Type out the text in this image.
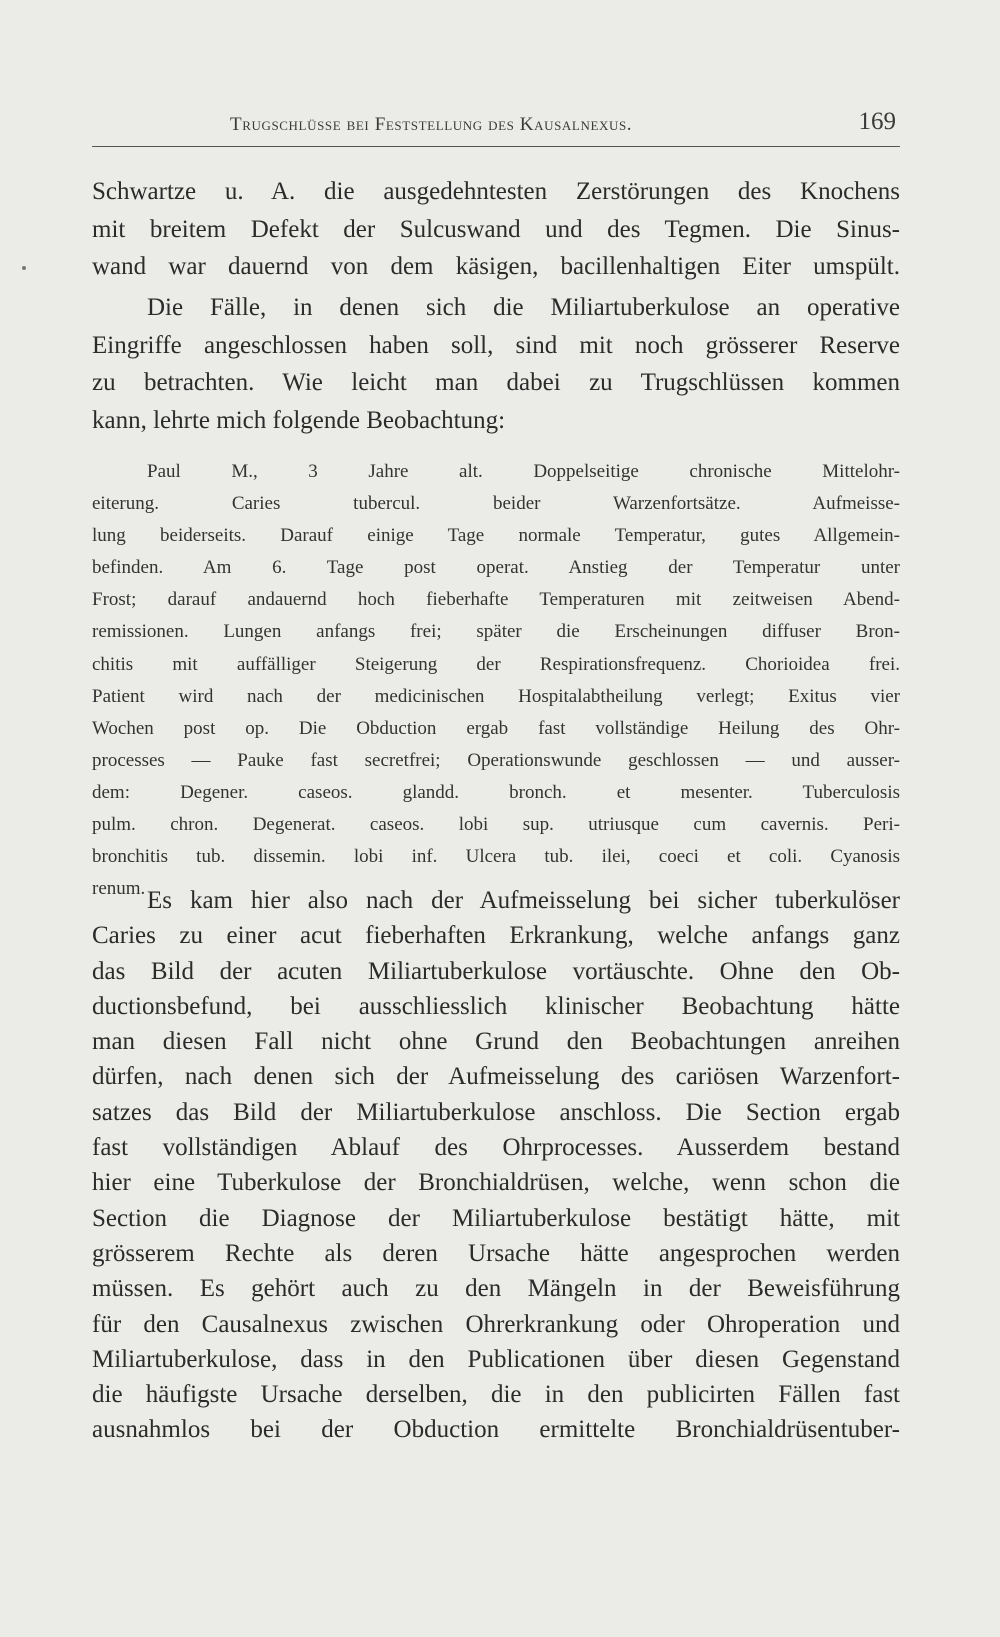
Trugschlüsse bei Feststellung des Kausalnexus.	169
Schwartze u. A. die ausgedehntesten Zerstörungen des Knochens
mit breitem Defekt der Sulcuswand und des Tegmen. Die Sinus-
wand war dauernd von dem käsigen, bacillenhaltigen Eiter umspült.
Die Fälle, in denen sich die Miliartuberkulose an operative
Eingriffe angeschlossen haben soll, sind mit noch grösserer Reserve
zu betrachten. Wie leicht man dabei zu Trugschlüssen kommen
kann, lehrte mich folgende Beobachtung:
Paul M., 3 Jahre alt. Doppelseitige chronische Mittelohr-
eiterung. Caries tubercul. beider Warzenfortsätze. Aufmeisse-
lung beiderseits. Darauf einige Tage normale Temperatur, gutes Allgemein-
befinden. Am 6. Tage post operat. Anstieg der Temperatur unter
Frost; darauf andauernd hoch fieberhafte Temperaturen mit zeitweisen Abend-
remissionen. Lungen anfangs frei; später die Erscheinungen diffuser Bron-
chitis mit auffälliger Steigerung der Respirationsfrequenz. Chorioidea frei.
Patient wird nach der medicinischen Hospitalabtheilung verlegt; Exitus vier
Wochen post op. Die Obduction ergab fast vollständige Heilung des Ohr-
processes — Pauke fast secretfrei; Operationswunde geschlossen — und ausser-
dem: Degener. caseos. glandd. bronch. et mesenter. Tuberculosis
pulm. chron. Degenerat. caseos. lobi sup. utriusque cum cavernis. Peri-
bronchitis tub. dissemin. lobi inf. Ulcera tub. ilei, coeci et coli. Cyanosis
renum. Es kam hier also nach der Aufmeisselung bei sicher tuberkulöser
Caries zu einer acut fieberhaften Erkrankung, welche anfangs ganz
das Bild der acuten Miliartuberkulose vortäuschte. Ohne den Ob-
ductionsbefund, bei ausschliesslich klinischer Beobachtung hätte
man diesen Fall nicht ohne Grund den Beobachtungen anreihen
dürfen, nach denen sich der Aufmeisselung des cariösen Warzenfort-
satzes das Bild der Miliartuberkulose anschloss. Die Section ergab
fast vollständigen Ablauf des Ohrprocesses. Ausserdem bestand
hier eine Tuberkulose der Bronchialdrüsen, welche, wenn schon die
Section die Diagnose der Miliartuberkulose bestätigt hätte, mit
grösserem Rechte als deren Ursache hätte angesprochen werden
müssen. Es gehört auch zu den Mängeln in der Beweisführung
für den Causalnexus zwischen Ohrerkrankung oder Ohroperation und
Miliartuberkulose, dass in den Publicationen über diesen Gegenstand
die häufigste Ursache derselben, die in den publicirten Fällen fast
ausnahmlos bei der Obduction ermittelte Bronchialdrüsentuber-
